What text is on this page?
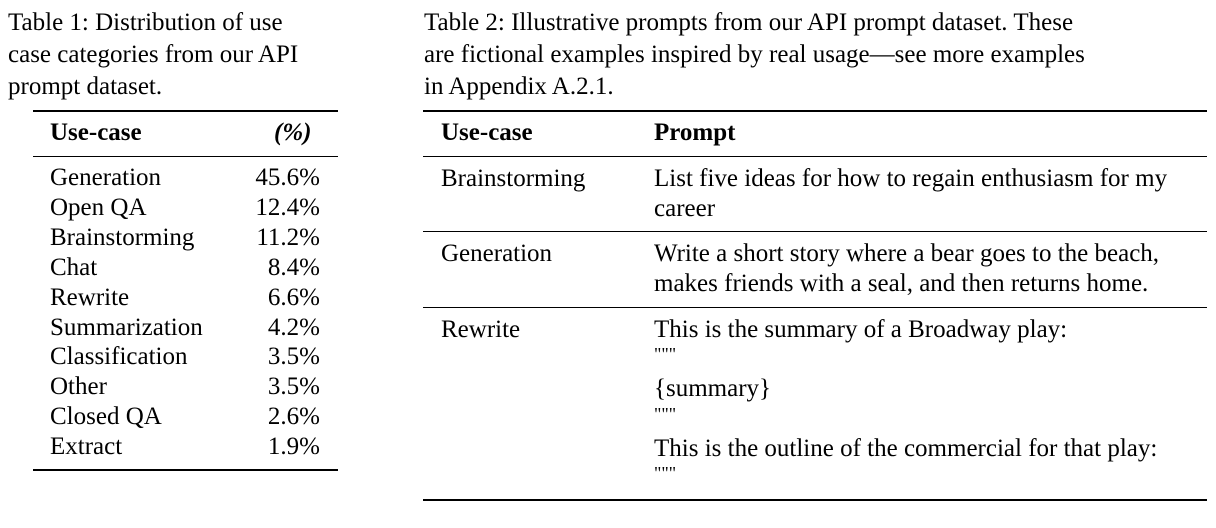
Table 1: Distribution of use
case categories from our API
prompt dataset.
Use-case	(%)
Generation	45.6%
Open QA	12.4%
Brainstorming	11.2%
Chat	8.4%
Rewrite	6.6%
Summarization	4.2%
Classification	3.5%
Other	3.5%
Closed QA	2.6%
Extract	1.9%
Table 2: Illustrative prompts from our API prompt dataset. These
are fictional examples inspired by real usage—see more examples
in Appendix A.2.1.
Use-case	Prompt
Brainstorming	List five ideas for how to regain enthusiasm for my
career
Generation	Write a short story where a bear goes to the beach,
makes friends with a seal, and then returns home.
Rewrite	This is the summary of a Broadway play:
"""
{summary}
"""
This is the outline of the commercial for that play:
"""
